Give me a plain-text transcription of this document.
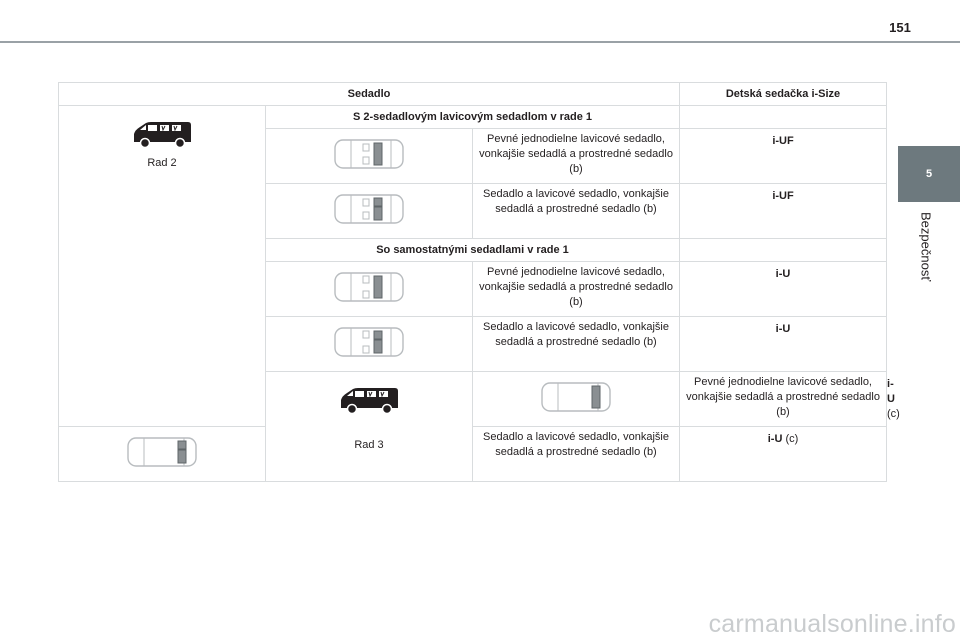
151
5
Bezpečnosť
Sedadlo			Detská sedačka i-Size	

Rad 2	S 2-sedadlovým lavicovým sedadlom v rade 1			
	Pevné jednodielne lavicové sedadlo, vonkajšie sedadlá a prostredné sedadlo (b)	i-UF	
	Sedadlo a lavicové sedadlo, vonkajšie sedadlá a prostredné sedadlo (b)	i-UF	
	So samostatnými sedadlami v rade 1			
	Pevné jednodielne lavicové sedadlo, vonkajšie sedadlá a prostredné sedadlo (b)	i-U	
	Sedadlo a lavicové sedadlo, vonkajšie sedadlá a prostredné sedadlo (b)	i-U	

	Rad 3		Pevné jednodielne lavicové sedadlo, vonkajšie sedadlá a prostredné sedadlo (b)	i-U (c)
	Sedadlo a lavicové sedadlo, vonkajšie sedadlá a prostredné sedadlo (b)	i-U (c)	
carmanualsonline.info
